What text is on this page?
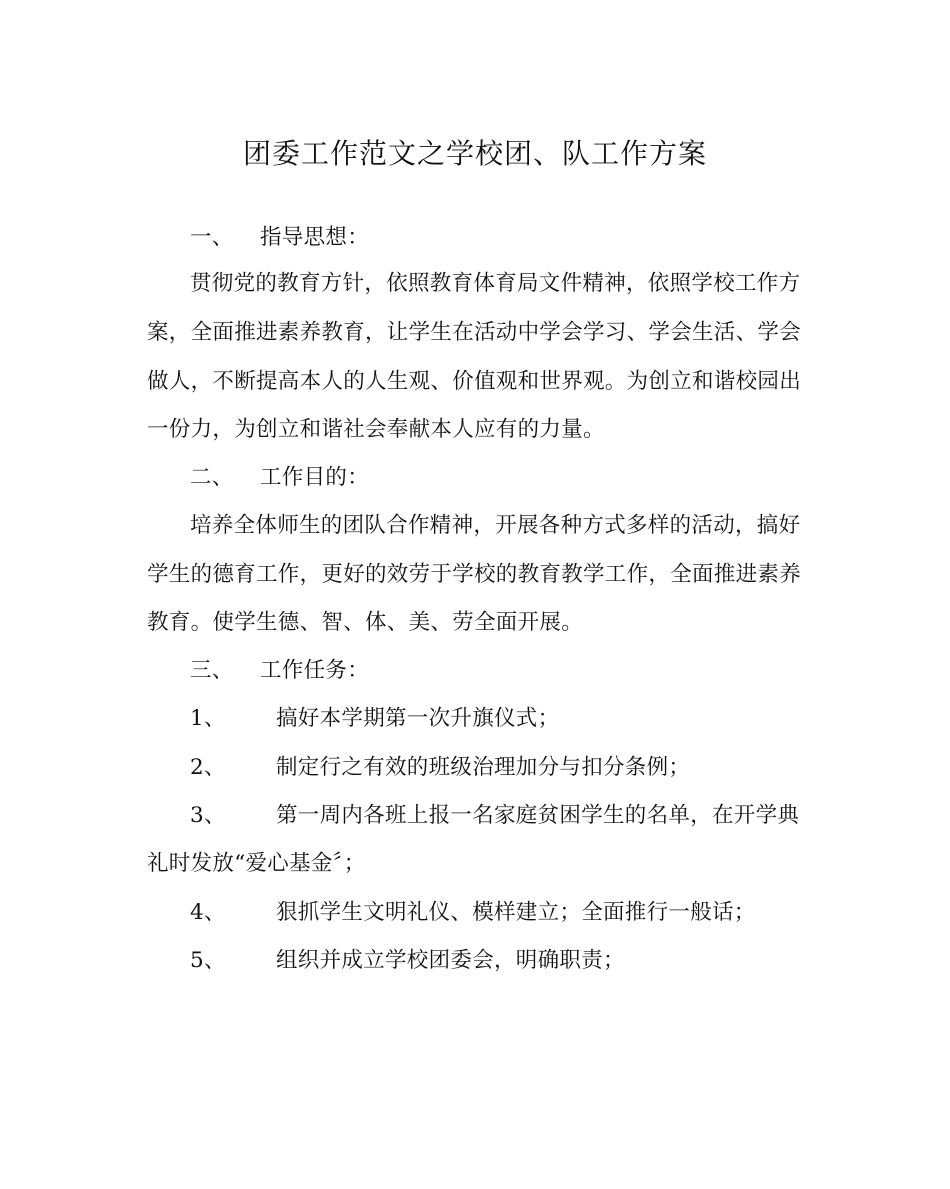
团委工作范文之学校团、队工作方案
一、 指导思想：
贯彻党的教育方针，依照教育体育局文件精神，依照学校工作方
案，全面推进素养教育，让学生在活动中学会学习、学会生活、学会
做人，不断提高本人的人生观、价值观和世界观。为创立和谐校园出
一份力，为创立和谐社会奉献本人应有的力量。
二、 工作目的：
培养全体师生的团队合作精神，开展各种方式多样的活动，搞好
学生的德育工作，更好的效劳于学校的教育教学工作，全面推进素养
教育。使学生德、智、体、美、劳全面开展。
三、 工作任务：
1、 搞好本学期第一次升旗仪式；
2、 制定行之有效的班级治理加分与扣分条例；
3、 第一周内各班上报一名家庭贫困学生的名单，在开学典
礼时发放“爱心基金〞；
4、 狠抓学生文明礼仪、模样建立；全面推行一般话；
5、 组织并成立学校团委会，明确职责；
